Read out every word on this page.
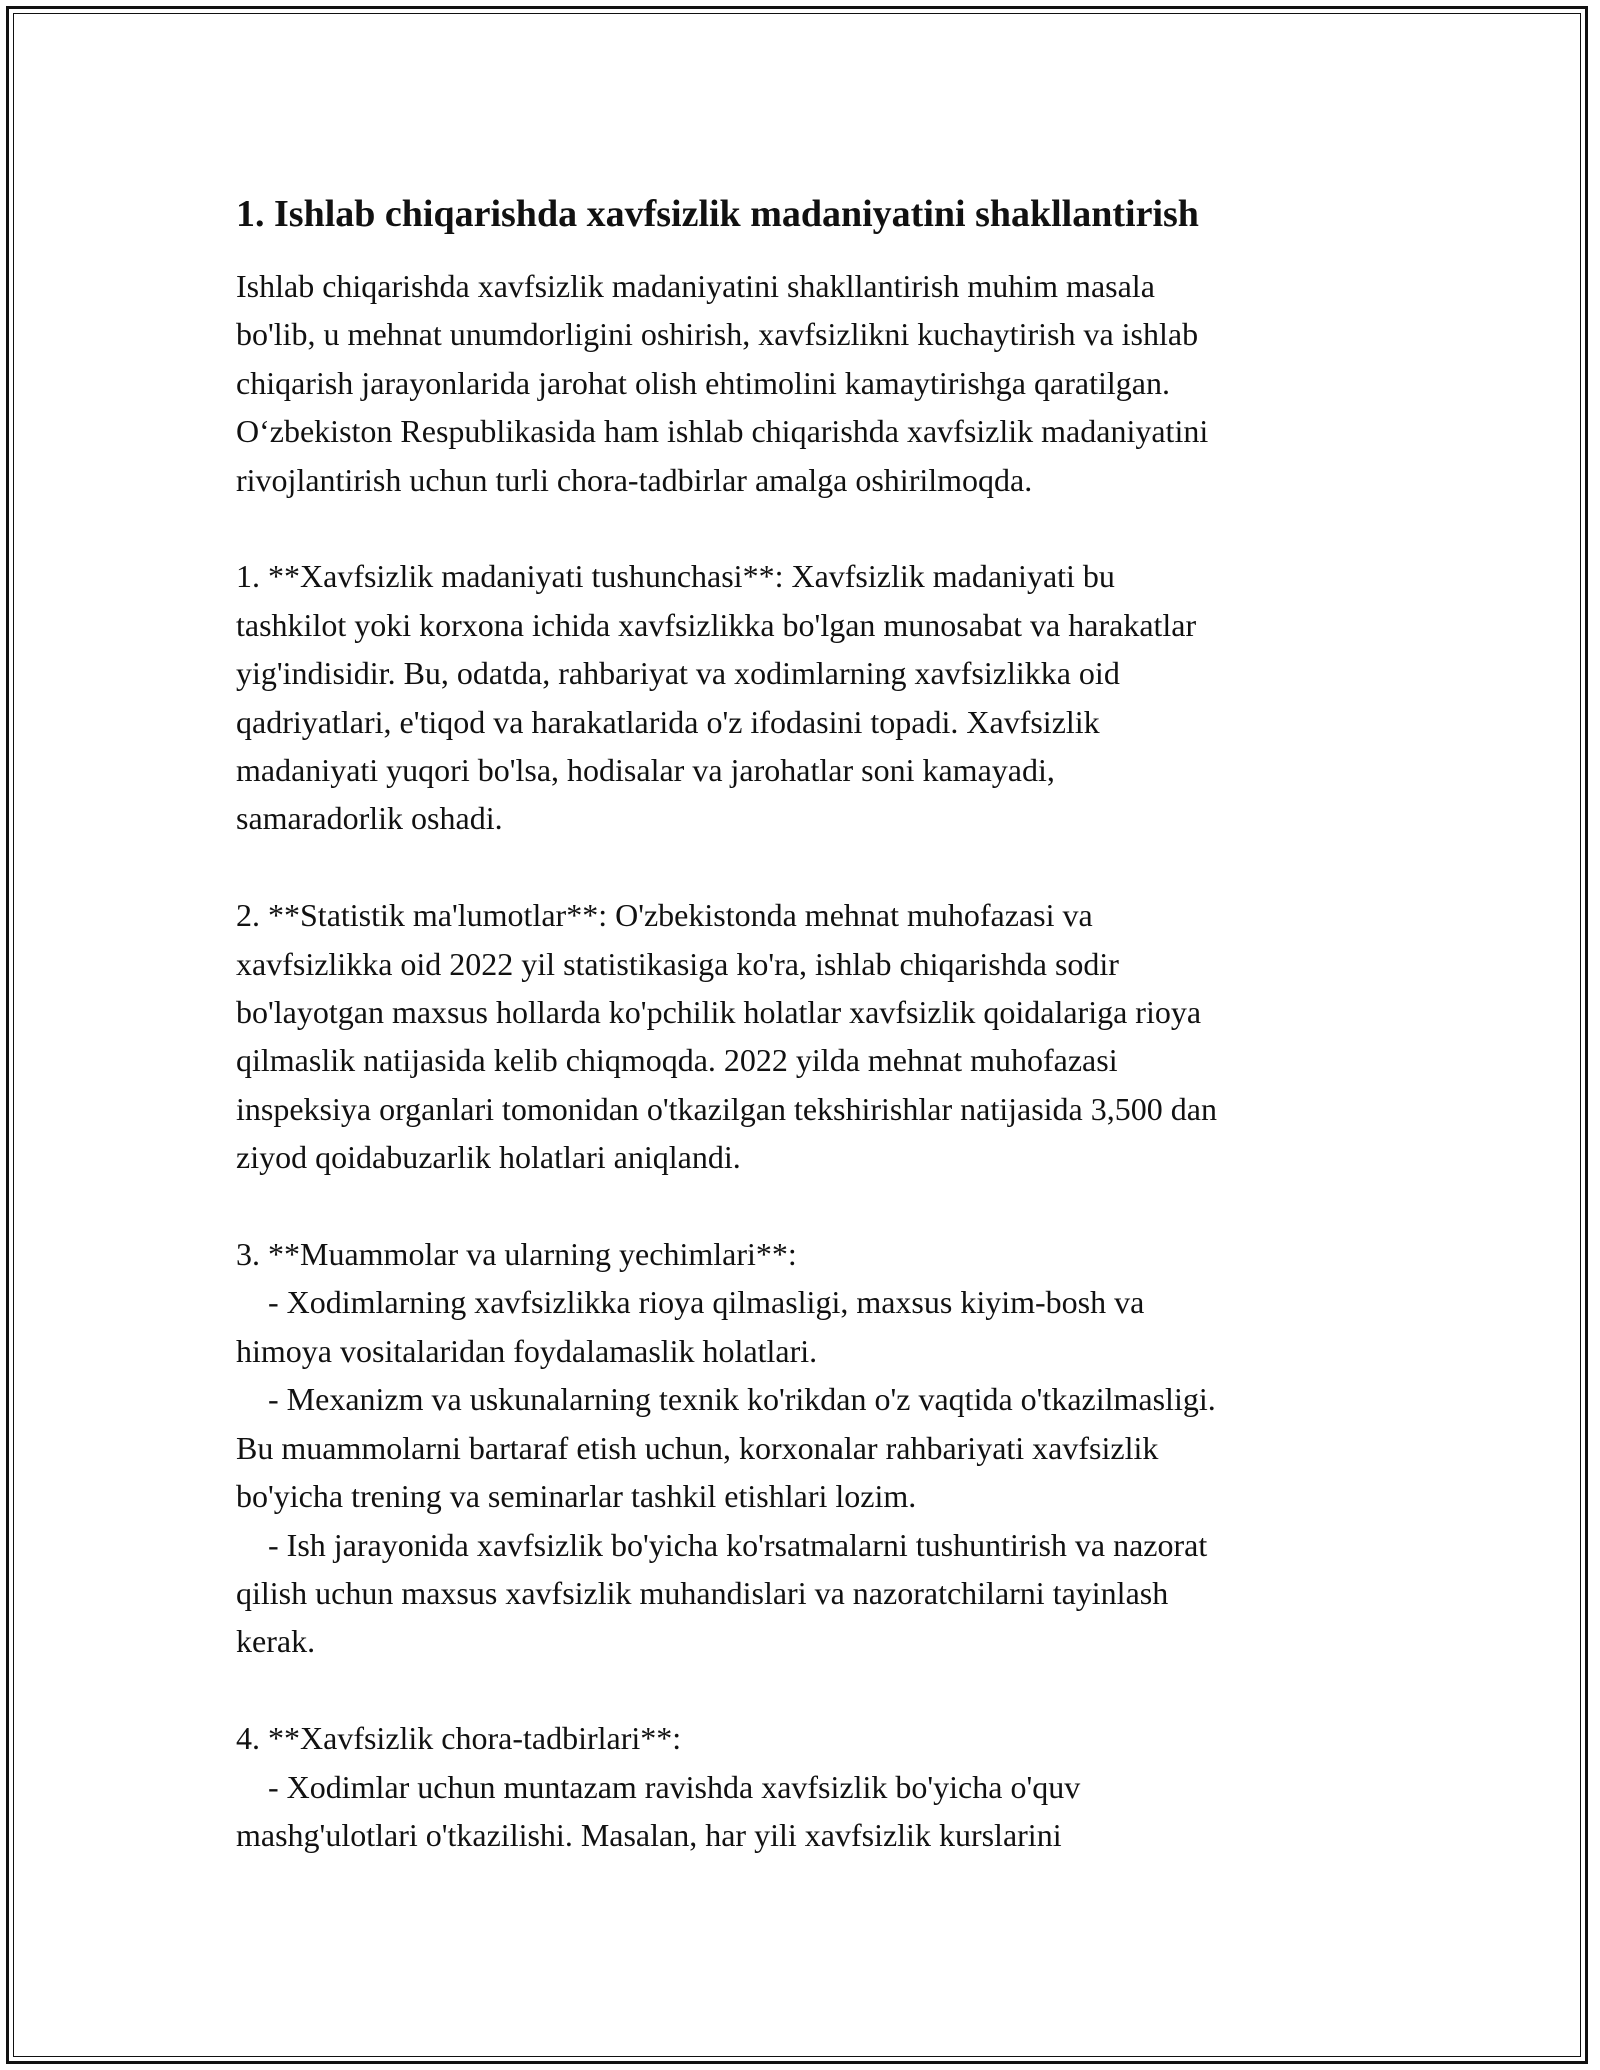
1. Ishlab chiqarishda xavfsizlik madaniyatini shakllantirish
Ishlab chiqarishda xavfsizlik madaniyatini shakllantirish muhim masala
bo'lib, u mehnat unumdorligini oshirish, xavfsizlikni kuchaytirish va ishlab
chiqarish jarayonlarida jarohat olish ehtimolini kamaytirishga qaratilgan.
O‘zbekiston Respublikasida ham ishlab chiqarishda xavfsizlik madaniyatini
rivojlantirish uchun turli chora-tadbirlar amalga oshirilmoqda.
1. **Xavfsizlik madaniyati tushunchasi**: Xavfsizlik madaniyati bu
tashkilot yoki korxona ichida xavfsizlikka bo'lgan munosabat va harakatlar
yig'indisidir. Bu, odatda, rahbariyat va xodimlarning xavfsizlikka oid
qadriyatlari, e'tiqod va harakatlarida o'z ifodasini topadi. Xavfsizlik
madaniyati yuqori bo'lsa, hodisalar va jarohatlar soni kamayadi,
samaradorlik oshadi.
2. **Statistik ma'lumotlar**: O'zbekistonda mehnat muhofazasi va
xavfsizlikka oid 2022 yil statistikasiga ko'ra, ishlab chiqarishda sodir
bo'layotgan maxsus hollarda ko'pchilik holatlar xavfsizlik qoidalariga rioya
qilmaslik natijasida kelib chiqmoqda. 2022 yilda mehnat muhofazasi
inspeksiya organlari tomonidan o'tkazilgan tekshirishlar natijasida 3,500 dan
ziyod qoidabuzarlik holatlari aniqlandi.
3. **Muammolar va ularning yechimlari**:
- Xodimlarning xavfsizlikka rioya qilmasligi, maxsus kiyim-bosh va
himoya vositalaridan foydalamaslik holatlari.
- Mexanizm va uskunalarning texnik ko'rikdan o'z vaqtida o'tkazilmasligi.
Bu muammolarni bartaraf etish uchun, korxonalar rahbariyati xavfsizlik
bo'yicha trening va seminarlar tashkil etishlari lozim.
- Ish jarayonida xavfsizlik bo'yicha ko'rsatmalarni tushuntirish va nazorat
qilish uchun maxsus xavfsizlik muhandislari va nazoratchilarni tayinlash
kerak.
4. **Xavfsizlik chora-tadbirlari**:
- Xodimlar uchun muntazam ravishda xavfsizlik bo'yicha o'quv
mashg'ulotlari o'tkazilishi. Masalan, har yili xavfsizlik kurslarini
